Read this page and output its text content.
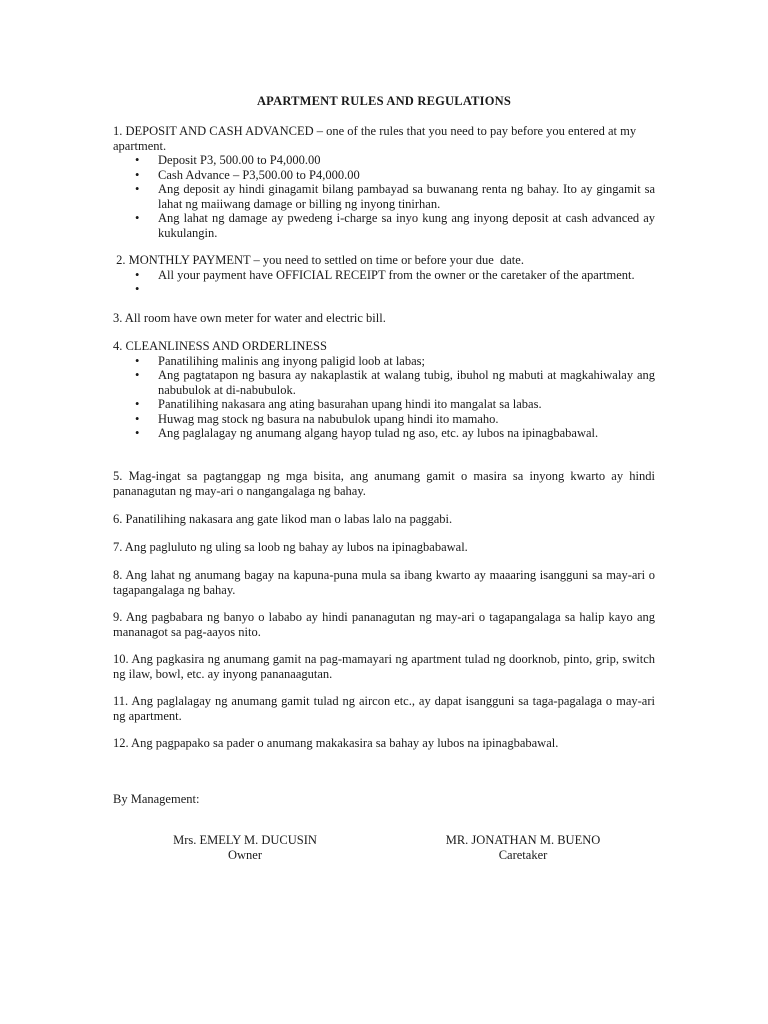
APARTMENT RULES AND REGULATIONS
1. DEPOSIT AND CASH ADVANCED – one of the rules that you need to pay before you entered at my apartment.
• Deposit P3, 500.00 to P4,000.00
• Cash Advance – P3,500.00 to P4,000.00
• Ang deposit ay hindi ginagamit bilang pambayad sa buwanang renta ng bahay. Ito ay gingamit sa lahat ng maiiwang damage or billing ng inyong tinirhan.
• Ang lahat ng damage ay pwedeng i-charge sa inyo kung ang inyong deposit at cash advanced ay kukulangin.
2. MONTHLY PAYMENT – you need to settled on time or before your due  date.
• All your payment have OFFICIAL RECEIPT from the owner or the caretaker of the apartment.
•
3. All room have own meter for water and electric bill.
4. CLEANLINESS AND ORDERLINESS
• Panatilihing malinis ang inyong paligid loob at labas;
• Ang pagtatapon ng basura ay nakaplastik at walang tubig, ibuhol ng mabuti at magkahiwalay ang nabubulok at di-nabubulok.
• Panatilihing nakasara ang ating basurahan upang hindi ito mangalat sa labas.
• Huwag mag stock ng basura na nabubulok upang hindi ito mamaho.
• Ang paglalagay ng anumang algang hayop tulad ng aso, etc. ay lubos na ipinagbabawal.
5. Mag-ingat sa pagtanggap ng mga bisita, ang anumang gamit o masira sa inyong kwarto ay hindi pananagutan ng may-ari o nangangalaga ng bahay.
6. Panatilihing nakasara ang gate likod man o labas lalo na paggabi.
7. Ang pagluluto ng uling sa loob ng bahay ay lubos na ipinagbabawal.
8. Ang lahat ng anumang bagay na kapuna-puna mula sa ibang kwarto ay maaaring isangguni sa may-ari o tagapangalaga ng bahay.
9. Ang pagbabara ng banyo o lababo ay hindi pananagutan ng may-ari o tagapangalaga sa halip kayo ang mananagot sa pag-aayos nito.
10. Ang pagkasira ng anumang gamit na pag-mamayari ng apartment tulad ng doorknob, pinto, grip, switch ng ilaw, bowl, etc. ay inyong pananaagutan.
11. Ang paglalagay ng anumang gamit tulad ng aircon etc., ay dapat isangguni sa taga-pagalaga o may-ari ng apartment.
12. Ang pagpapako sa pader o anumang makakasira sa bahay ay lubos na ipinagbabawal.
By Management:
Mrs. EMELY M. DUCUSIN
Owner
MR. JONATHAN M. BUENO
Caretaker
